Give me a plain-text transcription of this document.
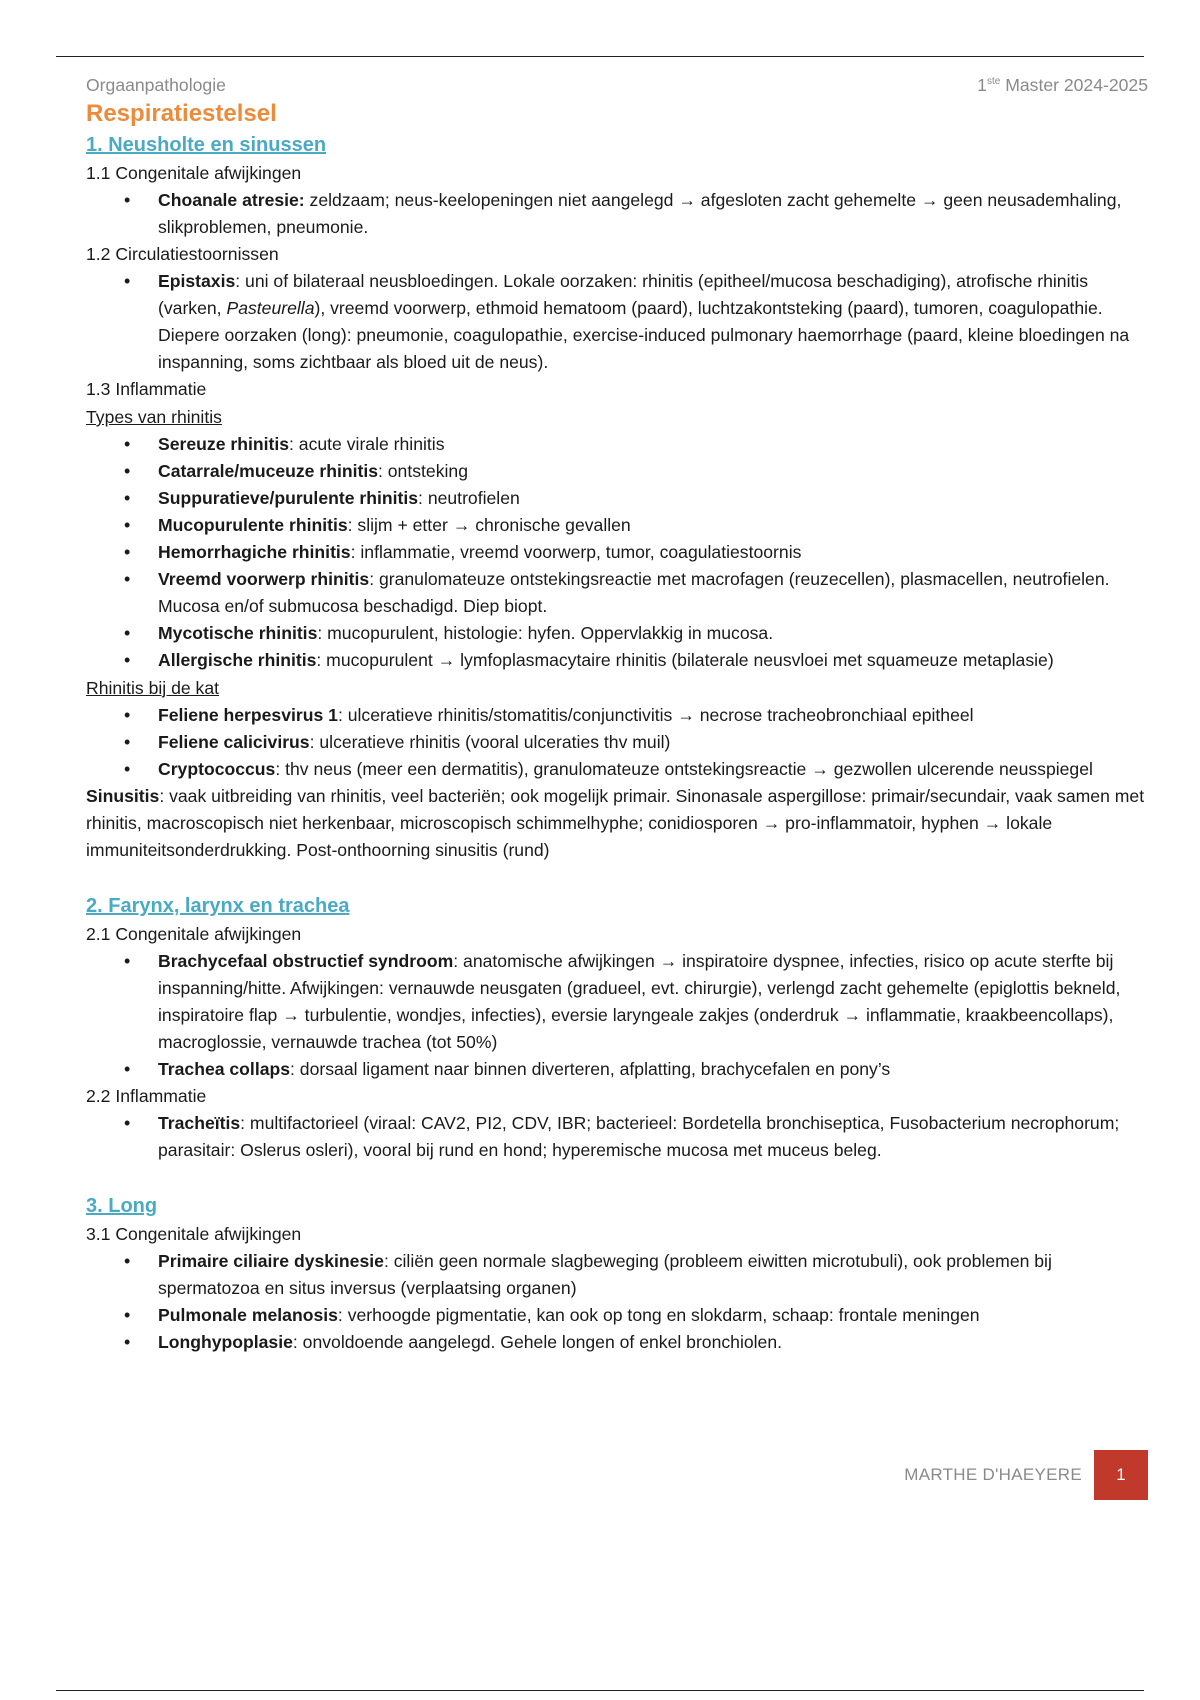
Orgaanpathologie	1ste Master 2024-2025
Respiratiestelsel
1. Neusholte en sinussen
1.1 Congenitale afwijkingen
• Choanale atresie: zeldzaam; neus-keelopeningen niet aangelegd → afgesloten zacht gehemelte → geen neusademhaling, slikproblemen, pneumonie.
1.2 Circulatiestoornissen
• Epistaxis: uni of bilateraal neusbloedingen. Lokale oorzaken: rhinitis (epitheel/mucosa beschadiging), atrofische rhinitis (varken, Pasteurella), vreemd voorwerp, ethmoid hematoom (paard), luchtzakontsteking (paard), tumoren, coagulopathie. Diepere oorzaken (long): pneumonie, coagulopathie, exercise-induced pulmonary haemorrhage (paard, kleine bloedingen na inspanning, soms zichtbaar als bloed uit de neus).
1.3 Inflammatie
Types van rhinitis
• Sereuze rhinitis: acute virale rhinitis
• Catarrale/muceuze rhinitis: ontsteking
• Suppuratieve/purulente rhinitis: neutrofielen
• Mucopurulente rhinitis: slijm + etter → chronische gevallen
• Hemorrhagiche rhinitis: inflammatie, vreemd voorwerp, tumor, coagulatiestoornis
• Vreemd voorwerp rhinitis: granulomateuze ontstekingsreactie met macrofagen (reuzecellen), plasmacellen, neutrofielen. Mucosa en/of submucosa beschadigd. Diep biopt.
• Mycotische rhinitis: mucopurulent, histologie: hyfen. Oppervlakkig in mucosa.
• Allergische rhinitis: mucopurulent → lymfoplasmacytaire rhinitis (bilaterale neusvloei met squameuze metaplasie)
Rhinitis bij de kat
• Feliene herpesvirus 1: ulceratieve rhinitis/stomatitis/conjunctivitis → necrose tracheobronchiaal epitheel
• Feliene calicivirus: ulceratieve rhinitis (vooral ulceraties thv muil)
• Cryptococcus: thv neus (meer een dermatitis), granulomateuze ontstekingsreactie → gezwollen ulcerende neusspiegel
Sinusitis: vaak uitbreiding van rhinitis, veel bacteriën; ook mogelijk primair. Sinonasale aspergillose: primair/secundair, vaak samen met rhinitis, macroscopisch niet herkenbaar, microscopisch schimmelhyphe; conidiosporen → pro-inflammatoir, hyphen → lokale immuniteitsonderdrukking. Post-onthoorning sinusitis (rund)
2. Farynx, larynx en trachea
2.1 Congenitale afwijkingen
• Brachycefaal obstructief syndroom: anatomische afwijkingen → inspiratoire dyspnee, infecties, risico op acute sterfte bij inspanning/hitte. Afwijkingen: vernauwde neusgaten (gradueel, evt. chirurgie), verlengd zacht gehemelte (epiglottis bekneld, inspiratoire flap → turbulentie, wondjes, infecties), eversie laryngeale zakjes (onderdruk → inflammatie, kraakbeencollaps), macroglossie, vernauwde trachea (tot 50%)
• Trachea collaps: dorsaal ligament naar binnen diverteren, afplatting, brachycefalen en pony’s
2.2 Inflammatie
• Tracheïtis: multifactorieel (viraal: CAV2, PI2, CDV, IBR; bacterieel: Bordetella bronchiseptica, Fusobacterium necrophorum; parasitair: Oslerus osleri), vooral bij rund en hond; hyperemische mucosa met muceus beleg.
3. Long
3.1 Congenitale afwijkingen
• Primaire ciliaire dyskinesie: ciliën geen normale slagbeweging (probleem eiwitten microtubuli), ook problemen bij spermatozoa en situs inversus (verplaatsing organen)
• Pulmonale melanosis: verhoogde pigmentatie, kan ook op tong en slokdarm, schaap: frontale meningen
• Longhypoplasie: onvoldoende aangelegd. Gehele longen of enkel bronchiolen.
MARTHE D'HAEYERE	1
